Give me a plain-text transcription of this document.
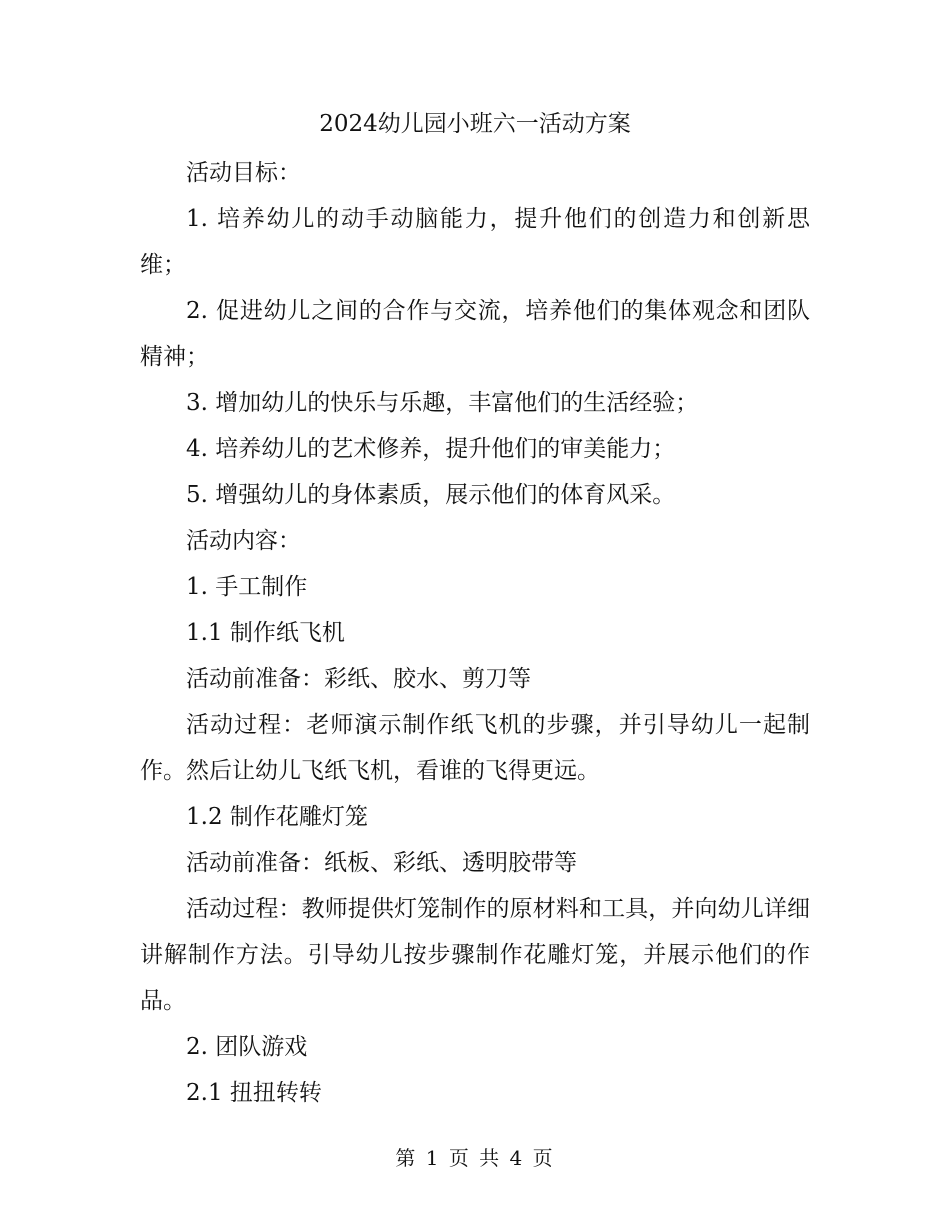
2024幼儿园小班六一活动方案

活动目标：

1. 培养幼儿的动手动脑能力，提升他们的创造力和创新思维；

2. 促进幼儿之间的合作与交流，培养他们的集体观念和团队精神；

3. 增加幼儿的快乐与乐趣，丰富他们的生活经验；

4. 培养幼儿的艺术修养，提升他们的审美能力；

5. 增强幼儿的身体素质，展示他们的体育风采。

活动内容：

1. 手工制作

1.1 制作纸飞机

活动前准备：彩纸、胶水、剪刀等

活动过程：老师演示制作纸飞机的步骤，并引导幼儿一起制作。然后让幼儿飞纸飞机，看谁的飞得更远。

1.2 制作花雕灯笼

活动前准备：纸板、彩纸、透明胶带等

活动过程：教师提供灯笼制作的原材料和工具，并向幼儿详细讲解制作方法。引导幼儿按步骤制作花雕灯笼，并展示他们的作品。

2. 团队游戏

2.1 扭扭转转

第 1 页 共 4 页
